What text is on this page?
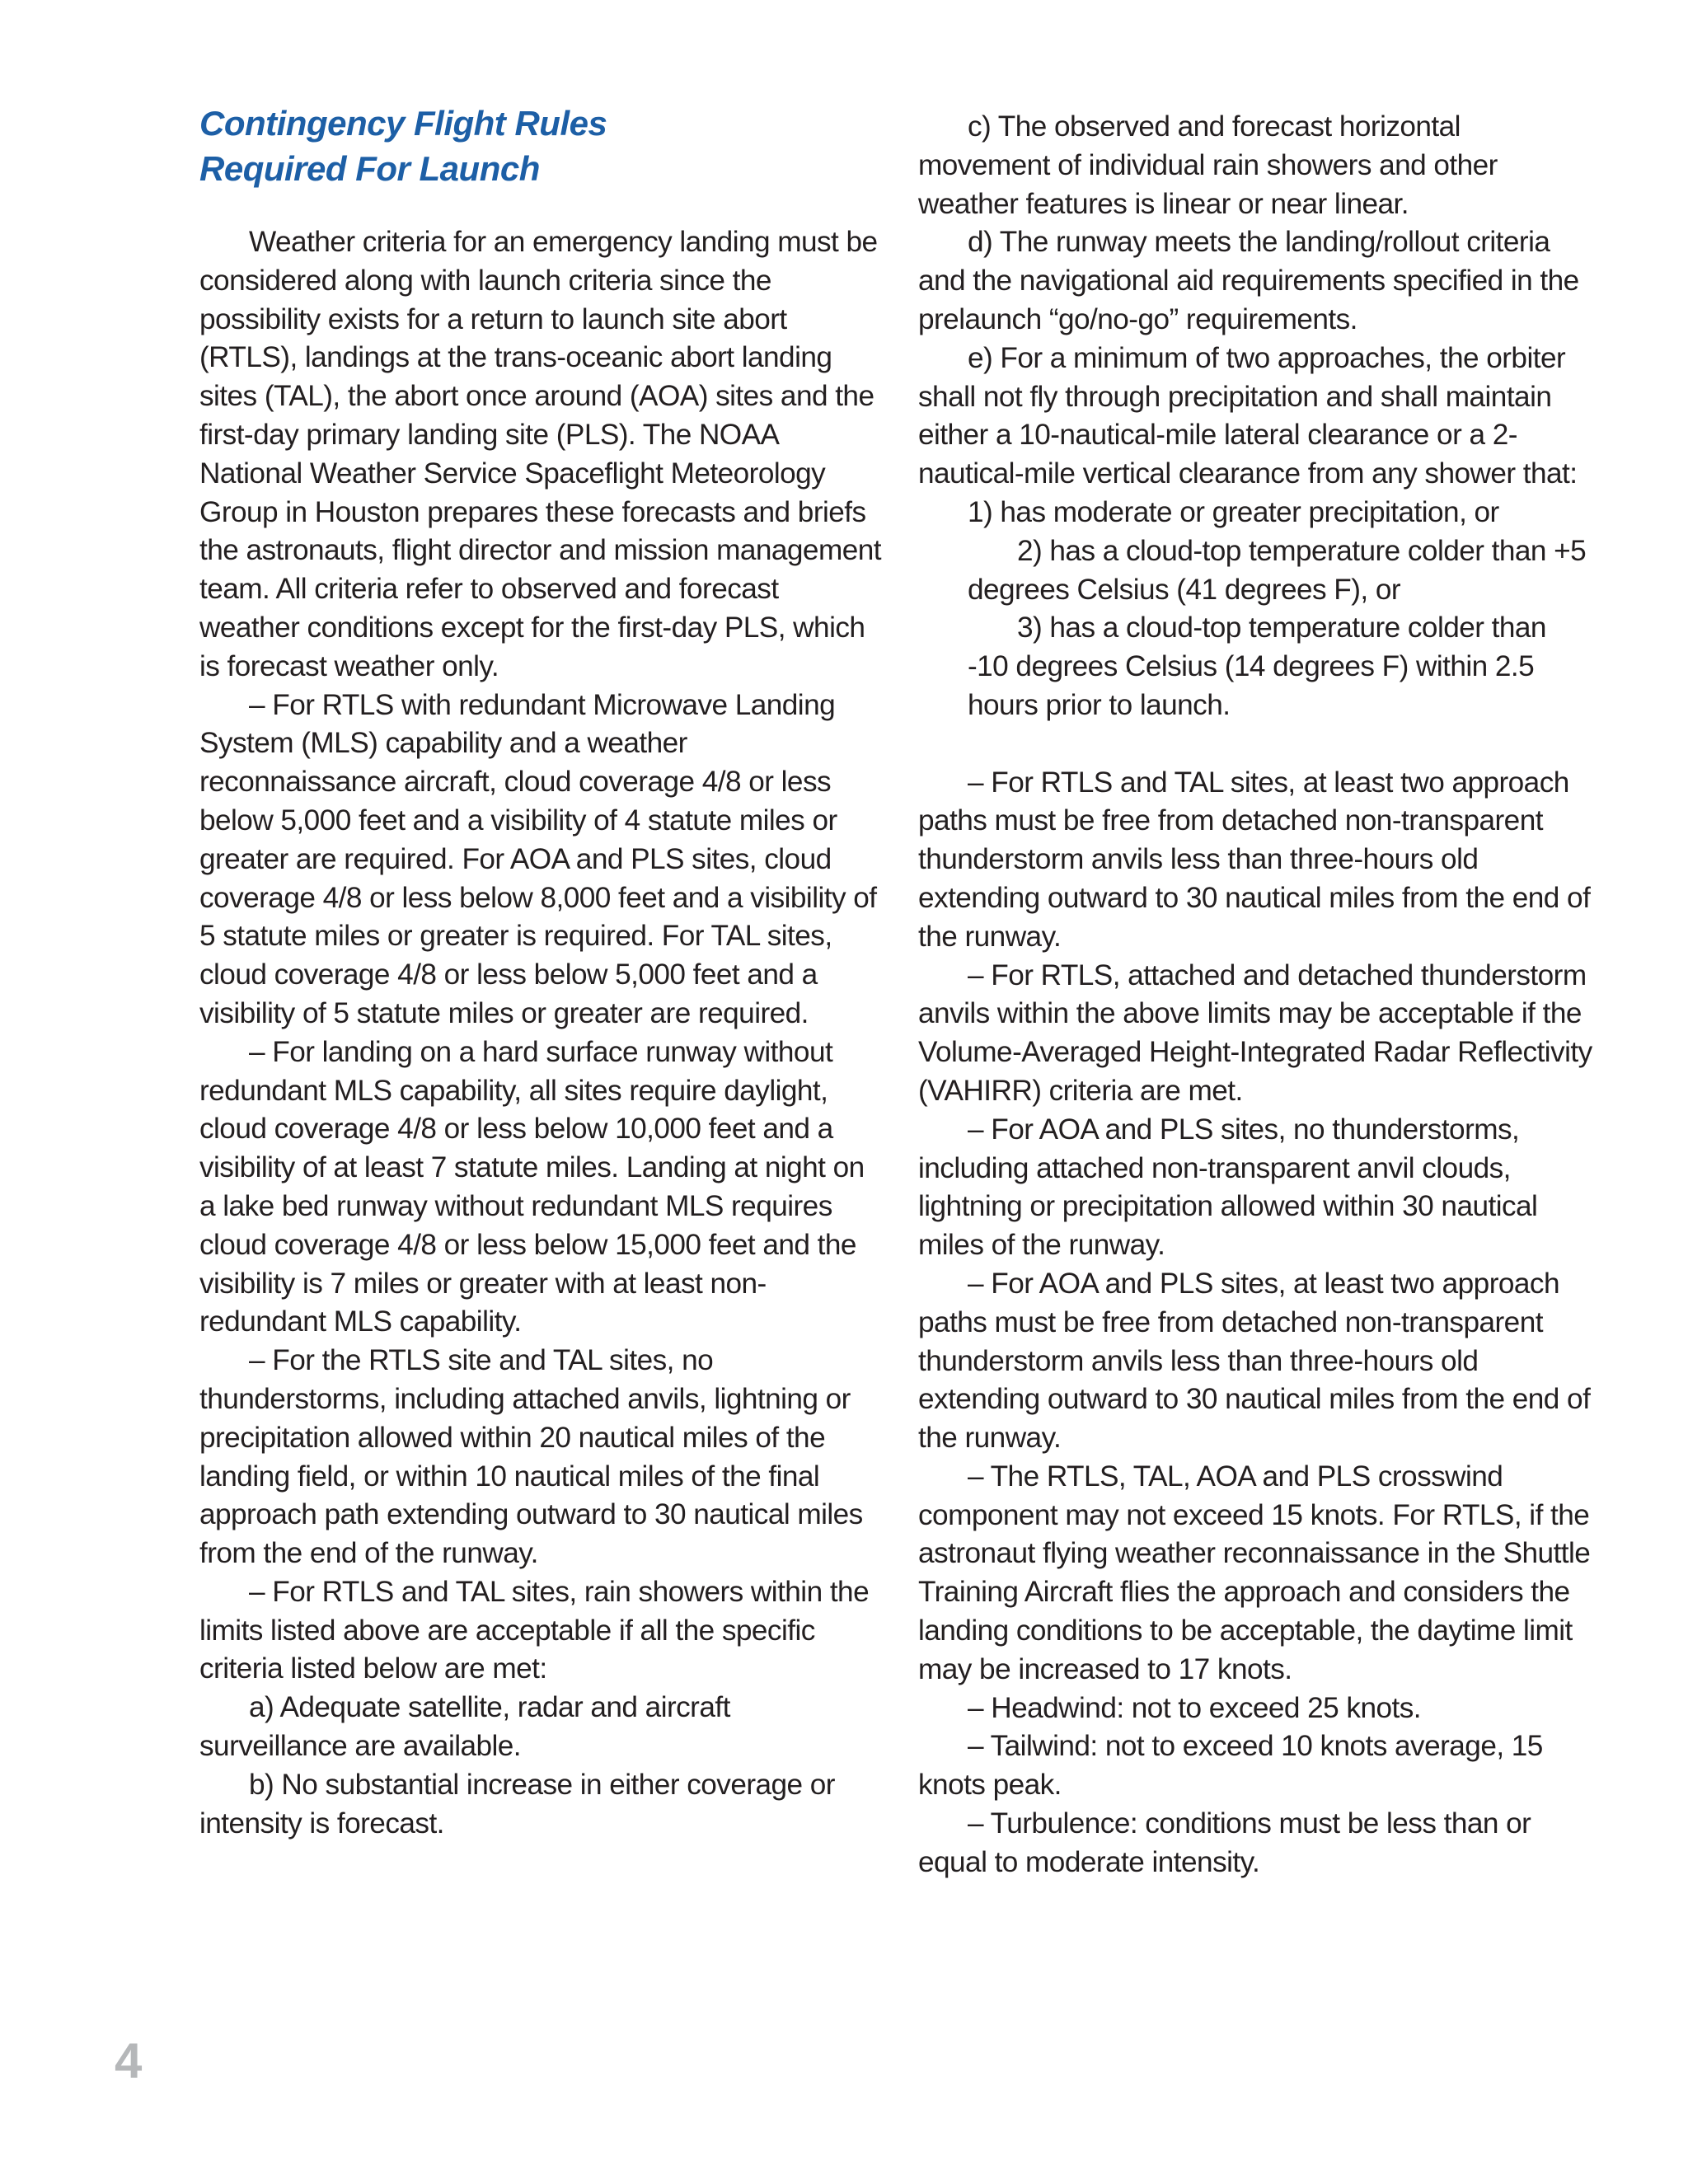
Contingency Flight Rules
Required For Launch

Weather criteria for an emergency landing must be considered along with launch criteria since the possibility exists for a return to launch site abort (RTLS), landings at the trans-oceanic abort landing sites (TAL), the abort once around (AOA) sites and the first-day primary landing site (PLS). The NOAA National Weather Service Spaceflight Meteorology Group in Houston prepares these forecasts and briefs the astronauts, flight director and mission management team. All criteria refer to observed and forecast weather conditions except for the first-day PLS, which is forecast weather only.

– For RTLS with redundant Microwave Landing System (MLS) capability and a weather reconnaissance aircraft, cloud coverage 4/8 or less below 5,000 feet and a visibility of 4 statute miles or greater are required. For AOA and PLS sites, cloud coverage 4/8 or less below 8,000 feet and a visibility of 5 statute miles or greater is required. For TAL sites, cloud coverage 4/8 or less below 5,000 feet and a visibility of 5 statute miles or greater are required.

– For landing on a hard surface runway without redundant MLS capability, all sites require daylight, cloud coverage 4/8 or less below 10,000 feet and a visibility of at least 7 statute miles. Landing at night on a lake bed runway without redundant MLS requires cloud coverage 4/8 or less below 15,000 feet and the visibility is 7 miles or greater with at least non-redundant MLS capability.

– For the RTLS site and TAL sites, no thunderstorms, including attached anvils, lightning or precipitation allowed within 20 nautical miles of the landing field, or within 10 nautical miles of the final approach path extending outward to 30 nautical miles from the end of the runway.

– For RTLS and TAL sites, rain showers within the limits listed above are acceptable if all the specific criteria listed below are met:

a) Adequate satellite, radar and aircraft surveillance are available.

b) No substantial increase in either coverage or intensity is forecast.

c) The observed and forecast horizontal movement of individual rain showers and other weather features is linear or near linear.

d) The runway meets the landing/rollout criteria and the navigational aid requirements specified in the prelaunch “go/no-go” requirements.

e) For a minimum of two approaches, the orbiter shall not fly through precipitation and shall maintain either a 10-nautical-mile lateral clearance or a 2-nautical-mile vertical clearance from any shower that:

1) has moderate or greater precipitation, or

2) has a cloud-top temperature colder than +5 degrees Celsius (41 degrees F), or

3) has a cloud-top temperature colder than -10 degrees Celsius (14 degrees F) within 2.5 hours prior to launch.

– For RTLS and TAL sites, at least two approach paths must be free from detached non-transparent thunderstorm anvils less than three-hours old extending outward to 30 nautical miles from the end of the runway.

– For RTLS, attached and detached thunderstorm anvils within the above limits may be acceptable if the Volume-Averaged Height-Integrated Radar Reflectivity (VAHIRR) criteria are met.

– For AOA and PLS sites, no thunderstorms, including attached non-transparent anvil clouds, lightning or precipitation allowed within 30 nautical miles of the runway.

– For AOA and PLS sites, at least two approach paths must be free from detached non-transparent thunderstorm anvils less than three-hours old extending outward to 30 nautical miles from the end of the runway.

– The RTLS, TAL, AOA and PLS crosswind component may not exceed 15 knots. For RTLS, if the astronaut flying weather reconnaissance in the Shuttle Training Aircraft flies the approach and considers the landing conditions to be acceptable, the daytime limit may be increased to 17 knots.

– Headwind: not to exceed 25 knots.

– Tailwind: not to exceed 10 knots average, 15 knots peak.

– Turbulence: conditions must be less than or equal to moderate intensity.

4
